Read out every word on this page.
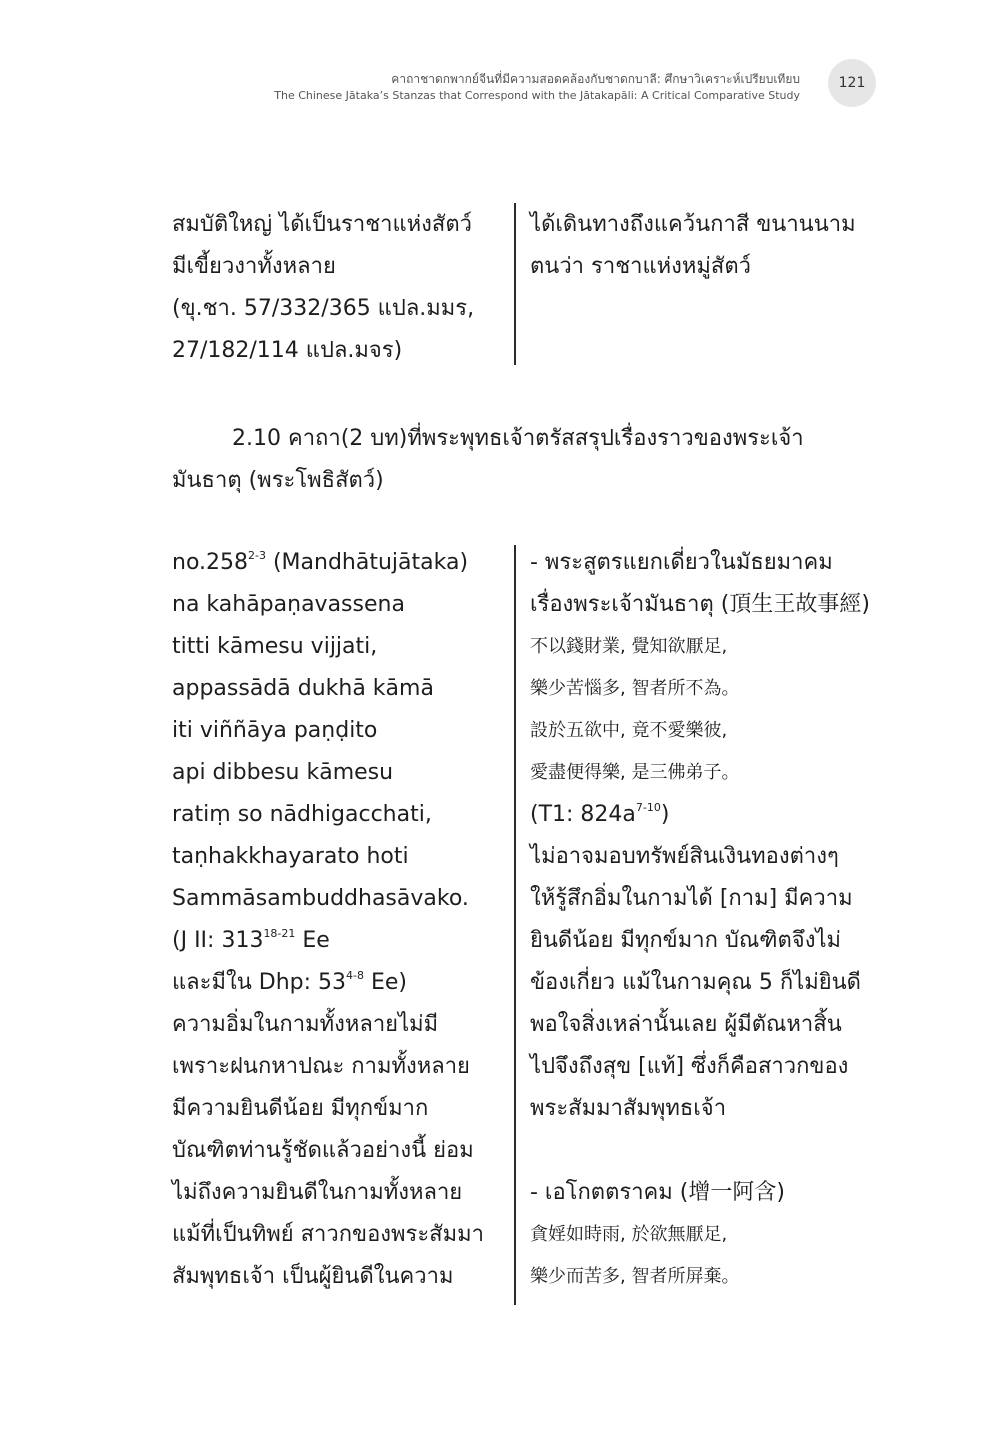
คาถาชาดกพากย์จีนที่มีความสอดคล้องกับชาดกบาลี: ศึกษาวิเคราะห์เปรียบเทียบ
The Chinese Jātaka’s Stanzas that Correspond with the Jātakapāli: A Critical Comparative Study
121
สมบัติใหญ่ ได้เป็นราชาแห่งสัตว์
มีเขี้ยวงาทั้งหลาย
(ขุ.ชา. 57/332/365 แปล.มมร,
27/182/114 แปล.มจร)
ได้เดินทางถึงแคว้นกาสี ขนานนาม
ตนว่า ราชาแห่งหมู่สัตว์
2.10 คาถา(2 บท)ที่พระพุทธเจ้าตรัสสรุปเรื่องราวของพระเจ้า
มันธาตุ (พระโพธิสัตว์)
no.258$^{2-3}$ (Mandhātujātaka)
na kahāpaṇavassena
titti kāmesu vijjati,
appassādā dukhā kāmā
iti viññāya paṇḍito
api dibbesu kāmesu
ratiṃ so nādhigacchati,
taṇhakkhayarato hoti
Sammāsambuddhasāvako.
(J II: 313$^{18-21}$ Ee
และมีใน Dhp: 53$^{4-8}$ Ee)
ความอิ่มในกามทั้งหลายไม่มี
เพราะฝนกหาปณะ กามทั้งหลาย
มีความยินดีน้อย มีทุกข์มาก
บัณฑิตท่านรู้ชัดแล้วอย่างนี้ ย่อม
ไม่ถึงความยินดีในกามทั้งหลาย
แม้ที่เป็นทิพย์ สาวกของพระสัมมา
สัมพุทธเจ้า เป็นผู้ยินดีในความ
- พระสูตรแยกเดี่ยวในมัธยมาคม
เรื่องพระเจ้ามันธาตุ (頂生王故事經)
不以錢財業, 覺知欲厭足,
樂少苦惱多, 智者所不為。
設於五欲中, 竟不愛樂彼,
愛盡便得樂, 是三佛弟子。
(T1: $824a^{7-10}$)
ไม่อาจมอบทรัพย์สินเงินทองต่างๆ
ให้รู้สึกอิ่มในกามได้ [กาม] มีความ
ยินดีน้อย มีทุกข์มาก บัณฑิตจึงไม่
ข้องเกี่ยว แม้ในกามคุณ 5 ก็ไม่ยินดี
พอใจสิ่งเหล่านั้นเลย ผู้มีตัณหาสิ้น
ไปจึงถึงสุข [แท้] ซึ่งก็คือสาวกของ
พระสัมมาสัมพุทธเจ้า
- เอโกตตราคม (增一阿含)
貪婬如時雨, 於欲無厭足,
樂少而苦多, 智者所屏棄。
